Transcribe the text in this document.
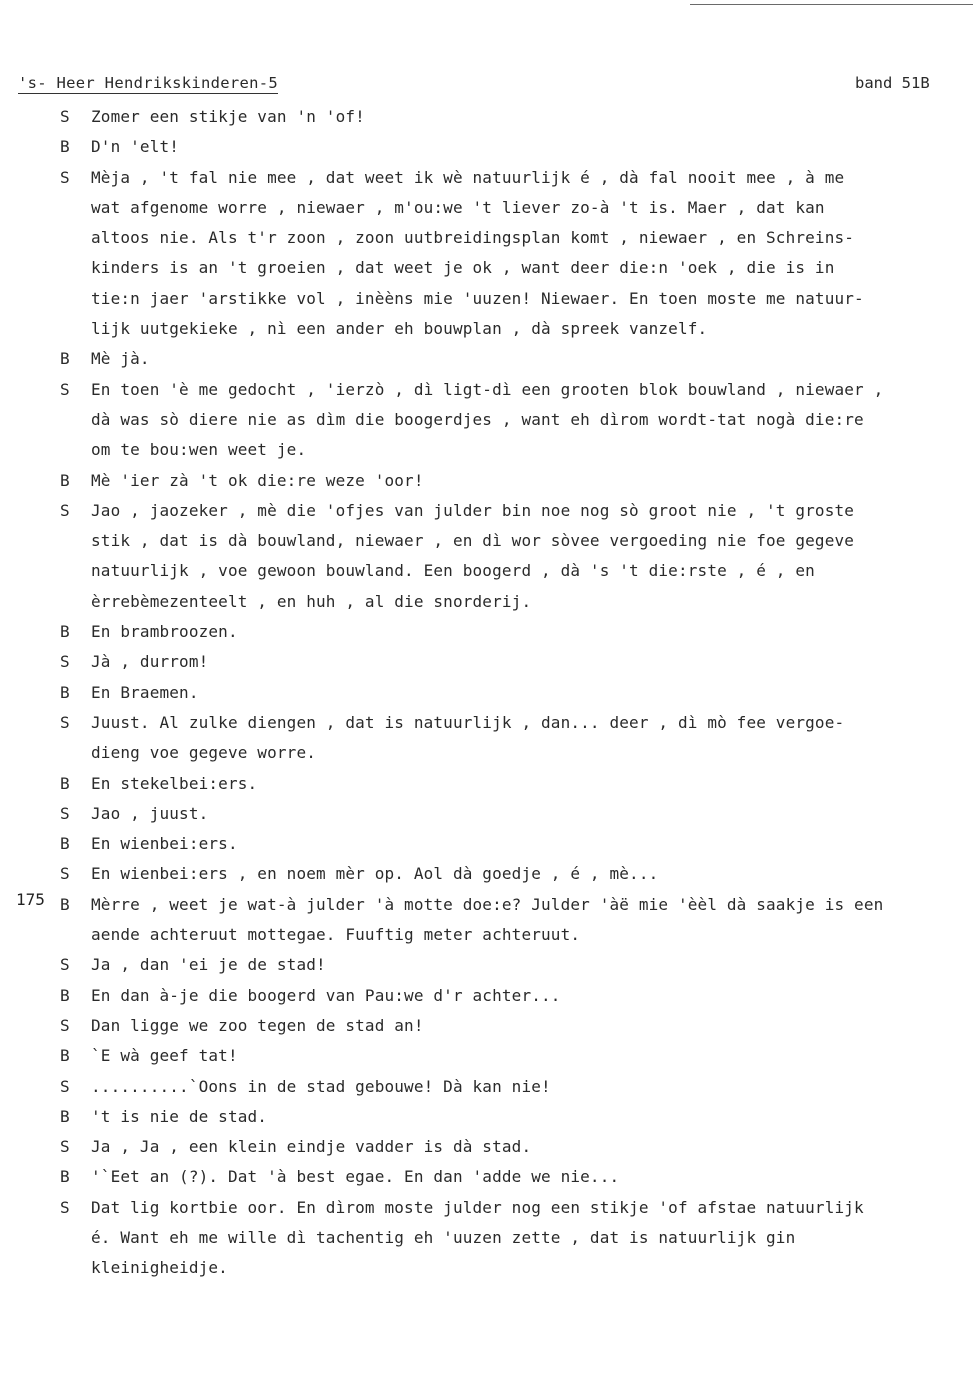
's- Heer Hendrikskinderen-5	band 51B
S Zomer een stikje van 'n 'of!
B D'n 'elt!
S Mèja , 't fal nie mee , dat weet ik wè natuurlijk é , dà fal nooit mee , à me
wat afgenome worre , niewaer , m'ou:we 't liever zo-à 't is. Maer , dat kan
altoos nie. Als t'r zoon , zoon uutbreidingsplan komt , niewaer , en Schreins-
kinders is an 't groeien , dat weet je ok , want deer die:n 'oek , die is in
tie:n jaer 'arstikke vol , inèèns mie 'uuzen! Niewaer. En toen moste me natuur-
lijk uutgekieke , nì een ander eh bouwplan , dà spreek vanzelf.
B Mè jà.
S En toen 'è me gedocht , 'ierzò , dì ligt-dì een grooten blok bouwland , niewaer ,
dà was sò diere nie as dìm die boogerdjes , want eh dìrom wordt-tat nogà die:re
om te bou:wen weet je.
B Mè 'ier zà 't ok die:re weze 'oor!
S Jao , jaozeker , mè die 'ofjes van julder bin noe nog sò groot nie , 't groste
stik , dat is dà bouwland, niewaer , en dì wor sòvee vergoeding nie foe gegeve
natuurlijk , voe gewoon bouwland. Een boogerd , dà 's 't die:rste , é , en
èrrebèmezenteelt , en huh , al die snorderij.
B En brambroozen.
S Jà , durrom!
B En Braemen.
S Juust. Al zulke diengen , dat is natuurlijk , dan... deer , dì mò fee vergoe-
dieng voe gegeve worre.
B En stekelbei:ers.
S Jao , juust.
B En wienbei:ers.
S En wienbei:ers , en noem mèr op. Aol dà goedje , é , mè...
175 B Mèrre , weet je wat-à julder 'à motte doe:e? Julder 'àë mie 'èèl dà saakje is een
aende achteruut mottegae. Fuuftig meter achteruut.
S Ja , dan 'ei je de stad!
B En dan à-je die boogerd van Pau:we d'r achter...
S Dan ligge we zoo tegen de stad an!
B `E wà geef tat!
S ..........`Oons in de stad gebouwe! Dà kan nie!
B 't is nie de stad.
S Ja , Ja , een klein eindje vadder is dà stad.
B '`Eet an (?). Dat 'à best egae. En dan 'adde we nie...
S Dat lig kortbie oor. En dìrom moste julder nog een stikje 'of afstae natuurlijk
é. Want eh me wille dì tachentig eh 'uuzen zette , dat is natuurlijk gin
kleinigheidje.
